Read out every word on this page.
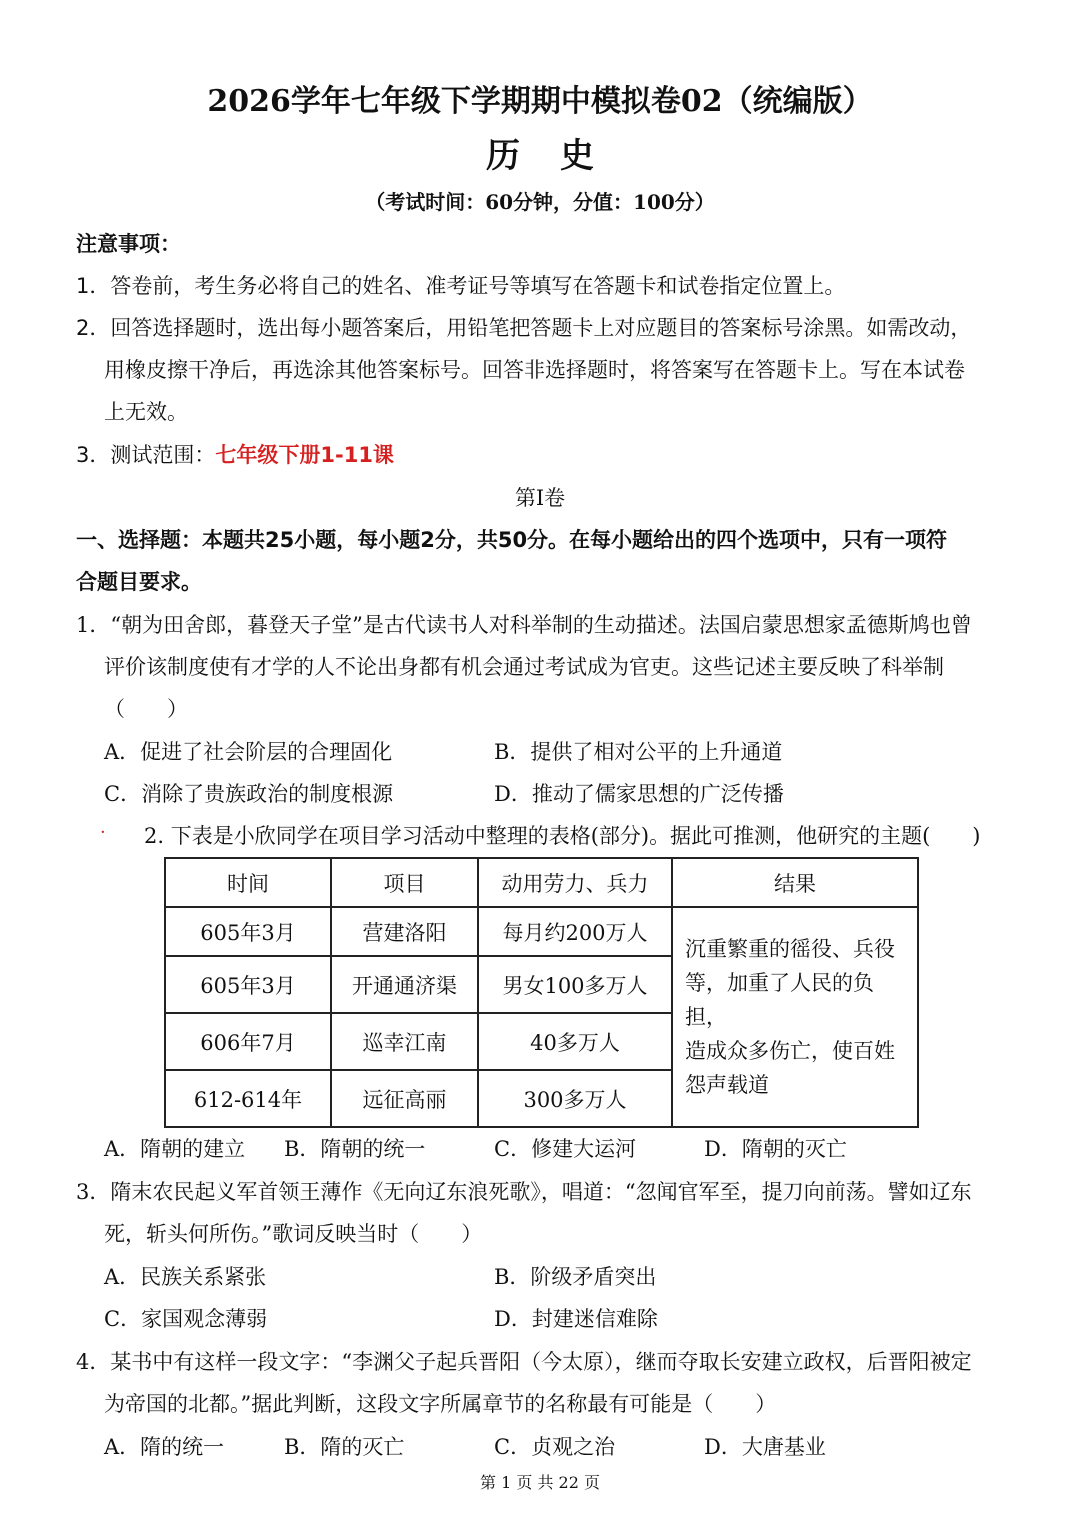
2026学年七年级下学期期中模拟卷02（统编版）
历史
（考试时间：60分钟，分值：100分）
注意事项：
1．答卷前，考生务必将自己的姓名、准考证号等填写在答题卡和试卷指定位置上。
2．回答选择题时，选出每小题答案后，用铅笔把答题卡上对应题目的答案标号涂黑。如需改动，
用橡皮擦干净后，再选涂其他答案标号。回答非选择题时，将答案写在答题卡上。写在本试卷
上无效。
3．测试范围：七年级下册1-11课
第Ⅰ卷
一、选择题：本题共25小题，每小题2分，共50分。在每小题给出的四个选项中，只有一项符
合题目要求。
1．“朝为田舍郎，暮登天子堂”是古代读书人对科举制的生动描述。法国启蒙思想家孟德斯鸠也曾
评价该制度使有才学的人不论出身都有机会通过考试成为官吏。这些记述主要反映了科举制
（　　）
A．促进了社会阶层的合理固化	B．提供了相对公平的上升通道
C．消除了贵族政治的制度根源	D．推动了儒家思想的广泛传播
· 2. 下表是小欣同学在项目学习活动中整理的表格(部分)。据此可推测，他研究的主题(　　)
时间	项目	动用劳力、兵力	结果
605年3月	营建洛阳	每月约200万人	沉重繁重的徭役、兵役
等，加重了人民的负担，
造成众多伤亡，使百姓
怨声载道

605年3月	开通通济渠	男女100多万人	
606年7月	巡幸江南	40多万人	
612-614年	远征高丽	300多万人	
A．隋朝的建立 B．隋朝的统一	C．修建大运河	D．隋朝的灭亡
3．隋末农民起义军首领王薄作《无向辽东浪死歌》，唱道：“忽闻官军至，提刀向前荡。譬如辽东
死，斩头何所伤。”歌词反映当时（　　）
A．民族关系紧张	B．阶级矛盾突出
C．家国观念薄弱	D．封建迷信难除
4．某书中有这样一段文字：“李渊父子起兵晋阳（今太原），继而夺取长安建立政权，后晋阳被定
为帝国的北都。”据此判断，这段文字所属章节的名称最有可能是（　　）
A．隋的统一	B．隋的灭亡	C．贞观之治	D．大唐基业
第 1 页 共 22 页
